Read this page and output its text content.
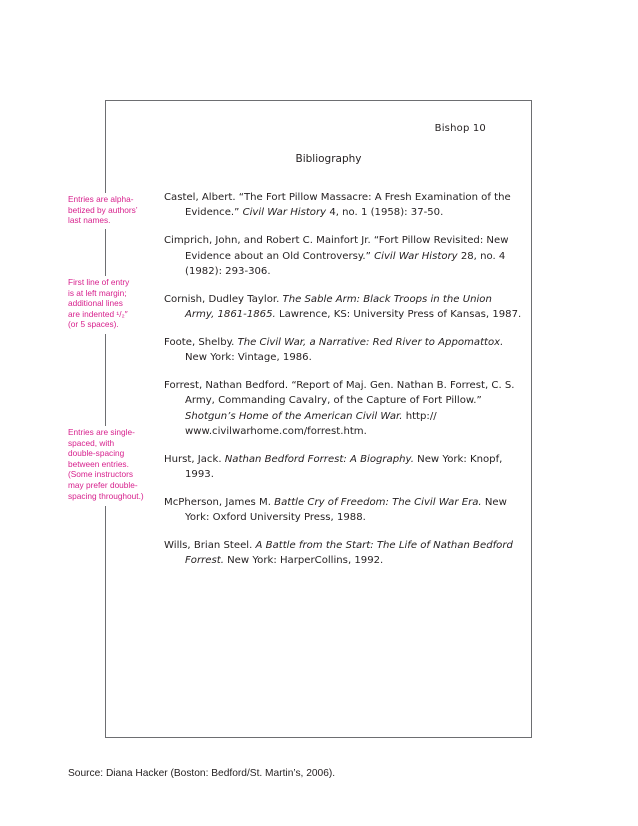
Bishop 10
Bibliography
Castel, Albert. “The Fort Pillow Massacre: A Fresh Examination of the Evidence.” Civil War History 4, no. 1 (1958): 37-50.
Cimprich, John, and Robert C. Mainfort Jr. “Fort Pillow Revisited: New Evidence about an Old Controversy.” Civil War History 28, no. 4 (1982): 293-306.
Cornish, Dudley Taylor. The Sable Arm: Black Troops in the Union Army, 1861-1865. Lawrence, KS: University Press of Kansas, 1987.
Foote, Shelby. The Civil War, a Narrative: Red River to Appomattox. New York: Vintage, 1986.
Forrest, Nathan Bedford. “Report of Maj. Gen. Nathan B. Forrest, C. S. Army, Commanding Cavalry, of the Capture of Fort Pillow.” Shotgun’s Home of the American Civil War. http:// www.civilwarhome.com/forrest.htm.
Hurst, Jack. Nathan Bedford Forrest: A Biography. New York: Knopf, 1993.
McPherson, James M. Battle Cry of Freedom: The Civil War Era. New York: Oxford University Press, 1988.
Wills, Brian Steel. A Battle from the Start: The Life of Nathan Bedford Forrest. New York: HarperCollins, 1992.
Entries are alpha-
betized by authors’
last names.
First line of entry
is at left margin;
additional lines
are indented ¹/₂″
(or 5 spaces).
Entries are single-
spaced, with
double-spacing
between entries.
(Some instructors
may prefer double-
spacing throughout.)
Source: Diana Hacker (Boston: Bedford/St. Martin’s, 2006).
